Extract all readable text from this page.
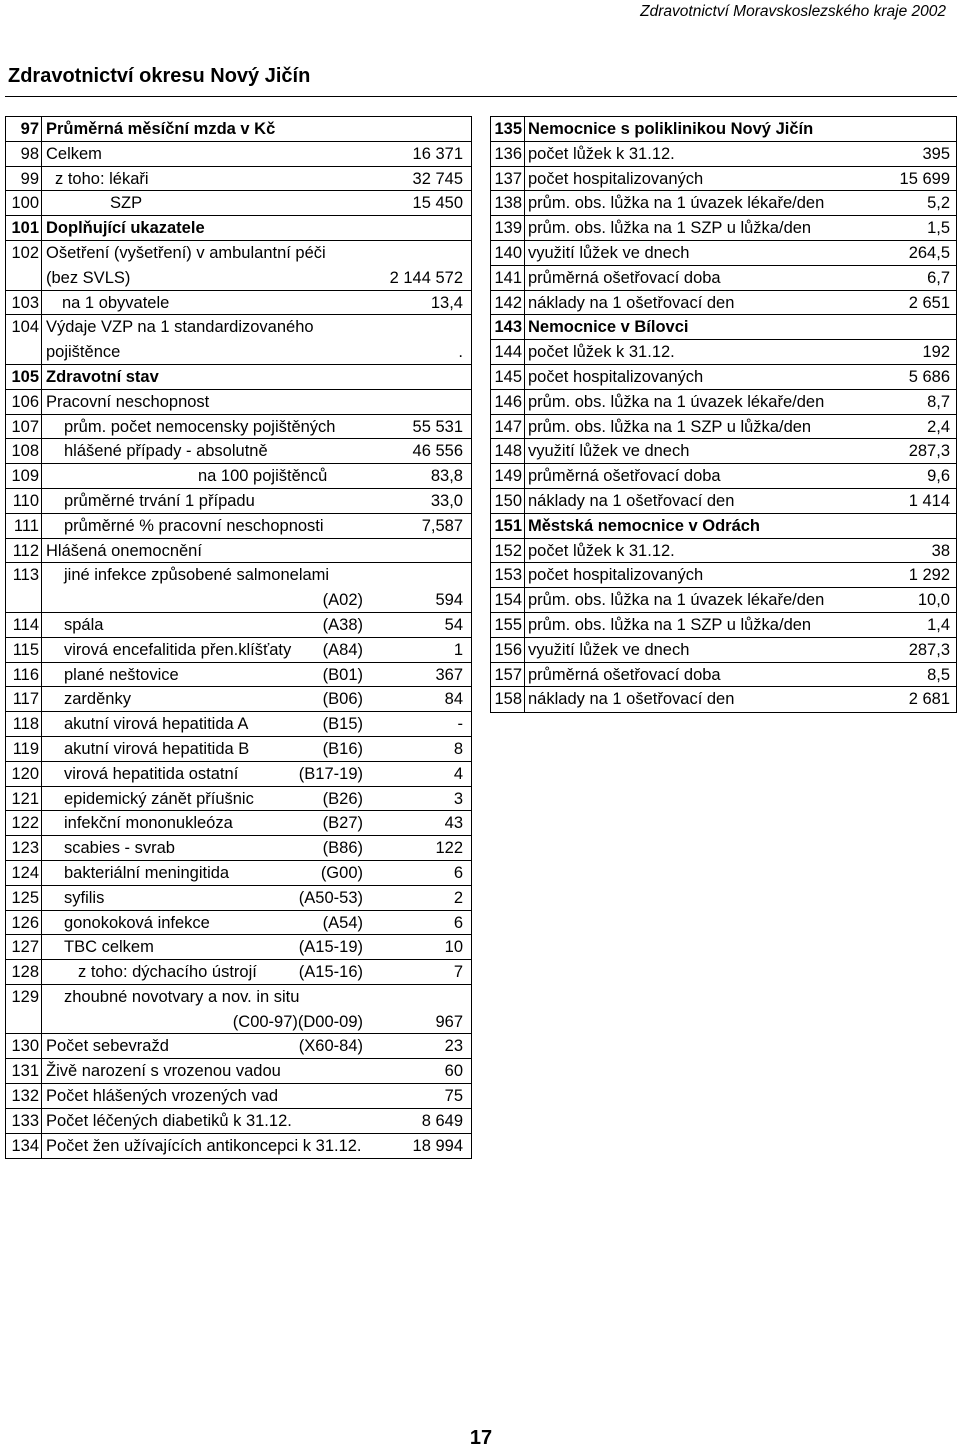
Zdravotnictví Moravskoslezského kraje 2002
Zdravotnictví okresu Nový Jičín
97 Průměrná měsíční mzda v Kč
98 Celkem	16 371
99 z toho: lékaři	32 745
100	SZP	15 450
101 Doplňující ukazatele
102 Ošetření (vyšetření) v ambulantní péči
(bez SVLS)	2 144 572
103 na 1 obyvatele	13,4
104 Výdaje VZP na 1 standardizovaného
pojištěnce	.
105 Zdravotní stav
106 Pracovní neschopnost
107 prům. počet nemocensky pojištěných	55 531
108 hlášené případy - absolutně	46 556
109	na 100 pojištěnců	83,8
110 průměrné trvání 1 případu	33,0
111 průměrné % pracovní neschopnosti	7,587
112 Hlášená onemocnění
113 jiné infekce způsobené salmonelami
(A02)	594
114 spála	(A38)	54
115 virová encefalitida přen.klíšťaty (A84)	1
116 plané neštovice	(B01)	367
117 zarděnky	(B06)	84
118 akutní virová hepatitida A	(B15)	-
119 akutní virová hepatitida B	(B16)	8
120 virová hepatitida ostatní	(B17-19)	4
121 epidemický zánět příušnic	(B26)	3
122 infekční mononukleóza	(B27)	43
123 scabies - svrab	(B86)	122
124 bakteriální meningitida	(G00)	6
125 syfilis	(A50-53)	2
126 gonokoková infekce	(A54)	6
127 TBC celkem	(A15-19)	10
128 z toho: dýchacího ústrojí	(A15-16)	7
129 zhoubné novotvary a nov. in situ
(C00-97)(D00-09)	967
130 Počet sebevražd	(X60-84)	23
131 Živě narození s vrozenou vadou	60
132 Počet hlášených vrozených vad	75
133 Počet léčených diabetiků k 31.12.	8 649
134 Počet žen užívajících antikoncepci k 31.12.	18 994
135 Nemocnice s poliklinikou Nový Jičín
136 počet lůžek k 31.12.	395
137 počet hospitalizovaných	15 699
138 prům. obs. lůžka na 1 úvazek lékaře/den	5,2
139 prům. obs. lůžka na 1 SZP u lůžka/den	1,5
140 využití lůžek ve dnech	264,5
141 průměrná ošetřovací doba	6,7
142 náklady na 1 ošetřovací den	2 651
143 Nemocnice v Bílovci
144 počet lůžek k 31.12.	192
145 počet hospitalizovaných	5 686
146 prům. obs. lůžka na 1 úvazek lékaře/den	8,7
147 prům. obs. lůžka na 1 SZP u lůžka/den	2,4
148 využití lůžek ve dnech	287,3
149 průměrná ošetřovací doba	9,6
150 náklady na 1 ošetřovací den	1 414
151 Městská nemocnice v Odrách
152 počet lůžek k 31.12.	38
153 počet hospitalizovaných	1 292
154 prům. obs. lůžka na 1 úvazek lékaře/den	10,0
155 prům. obs. lůžka na 1 SZP u lůžka/den	1,4
156 využití lůžek ve dnech	287,3
157 průměrná ošetřovací doba	8,5
158 náklady na 1 ošetřovací den	2 681
17
